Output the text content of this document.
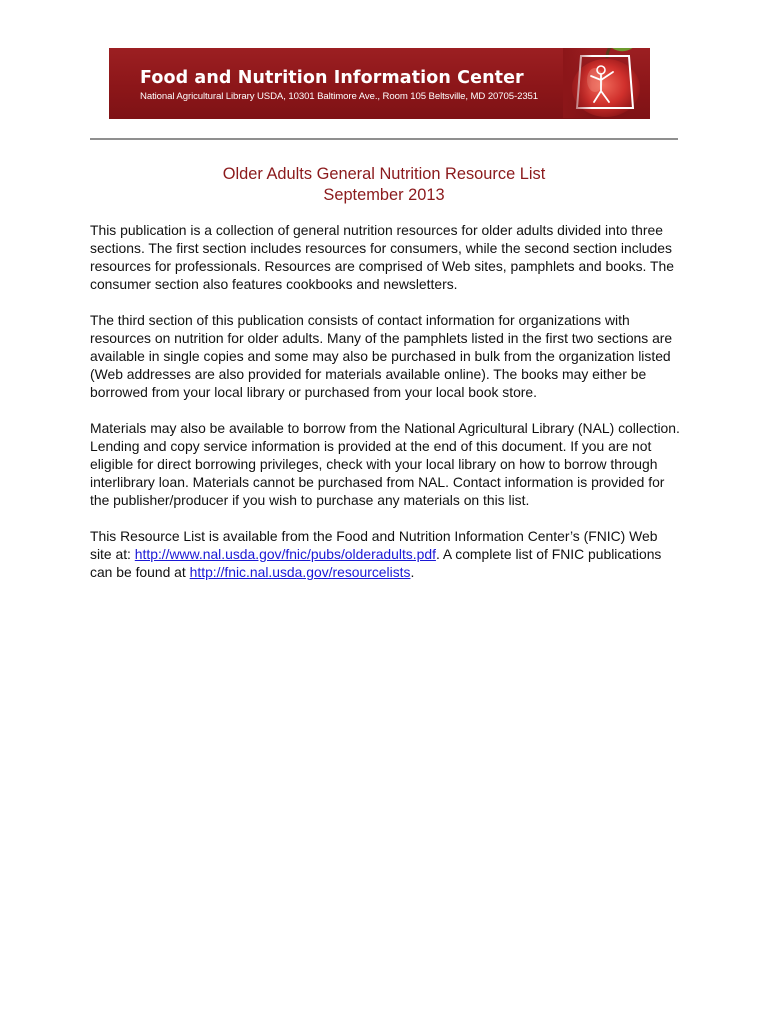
Food and Nutrition Information Center
National Agricultural Library USDA, 10301 Baltimore Ave., Room 105 Beltsville, MD 20705-2351
Older Adults General Nutrition Resource List
September 2013

This publication is a collection of general nutrition resources for older adults divided into three sections. The first section includes resources for consumers, while the second section includes resources for professionals. Resources are comprised of Web sites, pamphlets and books. The consumer section also features cookbooks and newsletters.

The third section of this publication consists of contact information for organizations with resources on nutrition for older adults. Many of the pamphlets listed in the first two sections are available in single copies and some may also be purchased in bulk from the organization listed (Web addresses are also provided for materials available online). The books may either be borrowed from your local library or purchased from your local book store.

Materials may also be available to borrow from the National Agricultural Library (NAL) collection. Lending and copy service information is provided at the end of this document. If you are not eligible for direct borrowing privileges, check with your local library on how to borrow through interlibrary loan. Materials cannot be purchased from NAL. Contact information is provided for the publisher/producer if you wish to purchase any materials on this list.

This Resource List is available from the Food and Nutrition Information Center’s (FNIC) Web site at: http://www.nal.usda.gov/fnic/pubs/olderadults.pdf. A complete list of FNIC publications can be found at http://fnic.nal.usda.gov/resourcelists.
